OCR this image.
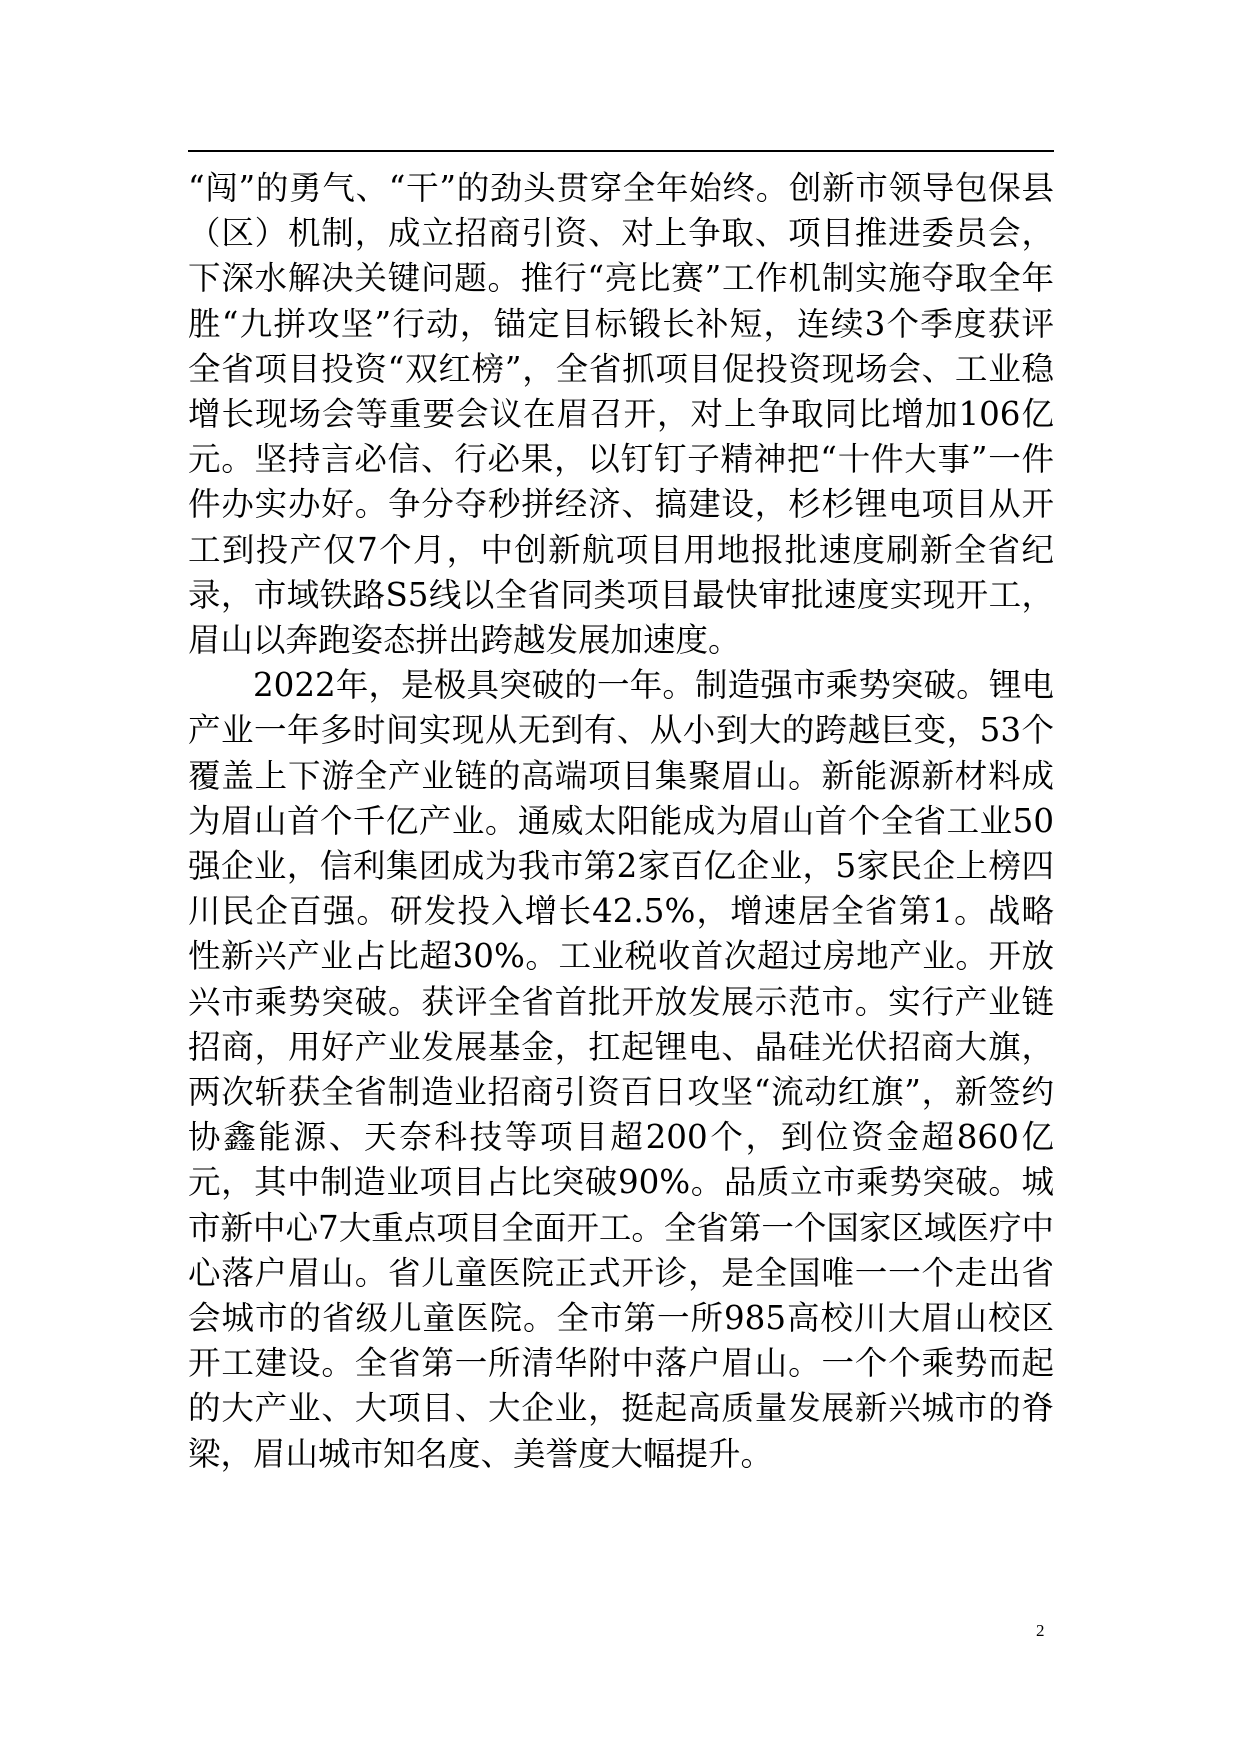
“闯”的勇气、“干”的劲头贯穿全年始终。创新市领导包保县（区）机制，成立招商引资、对上争取、项目推进委员会，下深水解决关键问题。推行“亮比赛”工作机制实施夺取全年胜“九拼攻坚”行动，锚定目标锻长补短，连续3个季度获评全省项目投资“双红榜”，全省抓项目促投资现场会、工业稳增长现场会等重要会议在眉召开，对上争取同比增加106亿元。坚持言必信、行必果，以钉钉子精神把“十件大事”一件件办实办好。争分夺秒拼经济、搞建设，杉杉锂电项目从开工到投产仅7个月，中创新航项目用地报批速度刷新全省纪录，市域铁路S5线以全省同类项目最快审批速度实现开工，眉山以奔跑姿态拼出跨越发展加速度。

2022年，是极具突破的一年。制造强市乘势突破。锂电产业一年多时间实现从无到有、从小到大的跨越巨变，53个覆盖上下游全产业链的高端项目集聚眉山。新能源新材料成为眉山首个千亿产业。通威太阳能成为眉山首个全省工业50强企业，信利集团成为我市第2家百亿企业，5家民企上榜四川民企百强。研发投入增长42.5%，增速居全省第1。战略性新兴产业占比超30%。工业税收首次超过房地产业。开放兴市乘势突破。获评全省首批开放发展示范市。实行产业链招商，用好产业发展基金，扛起锂电、晶硅光伏招商大旗，两次斩获全省制造业招商引资百日攻坚“流动红旗”，新签约协鑫能源、天奈科技等项目超200个，到位资金超860亿元，其中制造业项目占比突破90%。品质立市乘势突破。城市新中心7大重点项目全面开工。全省第一个国家区域医疗中心落户眉山。省儿童医院正式开诊，是全国唯一一个走出省会城市的省级儿童医院。全市第一所985高校川大眉山校区开工建设。全省第一所清华附中落户眉山。一个个乘势而起的大产业、大项目、大企业，挺起高质量发展新兴城市的脊梁，眉山城市知名度、美誉度大幅提升。

2
